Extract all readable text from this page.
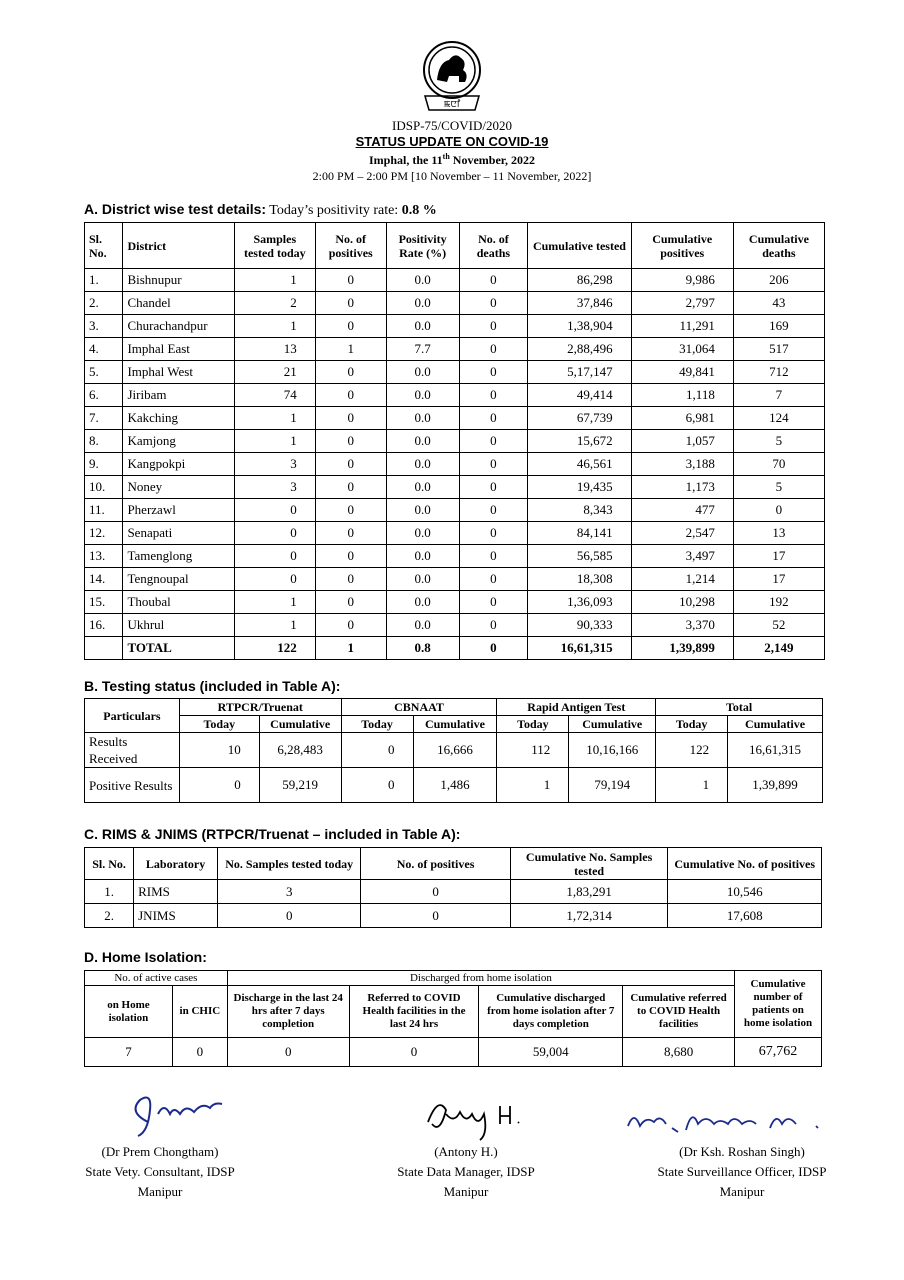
ꯃꯅꯤ
IDSP-75/COVID/2020
STATUS UPDATE ON COVID-19
Imphal, the 11th November, 2022
2:00 PM – 2:00 PM [10 November – 11 November, 2022]
A. District wise test details: Today’s positivity rate: 0.8 %
Sl. No.	District	Samples tested today	No. of positives	Positivity Rate (%)	No. of deaths	Cumulative tested	Cumulative positives	Cumulative deaths
1.	Bishnupur	1	0	0.0	0	86,298	9,986	206
2.	Chandel	2	0	0.0	0	37,846	2,797	43
3.	Churachandpur	1	0	0.0	0	1,38,904	11,291	169
4.	Imphal East	13	1	7.7	0	2,88,496	31,064	517
5.	Imphal West	21	0	0.0	0	5,17,147	49,841	712
6.	Jiribam	74	0	0.0	0	49,414	1,118	7
7.	Kakching	1	0	0.0	0	67,739	6,981	124
8.	Kamjong	1	0	0.0	0	15,672	1,057	5
9.	Kangpokpi	3	0	0.0	0	46,561	3,188	70
10.	Noney	3	0	0.0	0	19,435	1,173	5
11.	Pherzawl	0	0	0.0	0	8,343	477	0
12.	Senapati	0	0	0.0	0	84,141	2,547	13
13.	Tamenglong	0	0	0.0	0	56,585	3,497	17
14.	Tengnoupal	0	0	0.0	0	18,308	1,214	17
15.	Thoubal	1	0	0.0	0	1,36,093	10,298	192
16.	Ukhrul	1	0	0.0	0	90,333	3,370	52
	TOTAL	122	1	0.8	0	16,61,315	1,39,899	2,149
B. Testing status (included in Table A):
Particulars	RTPCR/Truenat		CBNAAT		Rapid Antigen Test		Total	
	Today	Cumulative	Today	Cumulative	Today	Cumulative	Today	Cumulative
Results Received	10	6,28,483	0	16,666	112	10,16,166	122	16,61,315
Positive Results	0	59,219	0	1,486	1	79,194	1	1,39,899
C. RIMS & JNIMS (RTPCR/Truenat – included in Table A):
Sl. No.	Laboratory	No. Samples tested today	No. of positives	Cumulative No. Samples tested	Cumulative No. of positives
1.	RIMS	3	0	1,83,291	10,546
2.	JNIMS	0	0	1,72,314	17,608
D. Home Isolation:
No. of active cases		Discharged from home isolation				Cumulative number of patients on home isolation
on Home isolation	in CHIC	Discharge in the last 24 hrs after 7 days completion	Referred to COVID Health facilities in the last 24 hrs	Cumulative discharged from home isolation after 7 days completion	Cumulative referred to COVID Health facilities	
7	0	0	0	59,004	8,680	67,762
(Dr Prem Chongtham)
State Vety. Consultant, IDSP
Manipur
(Antony H.)
State Data Manager, IDSP
Manipur
(Dr Ksh. Roshan Singh)
State Surveillance Officer, IDSP
Manipur
